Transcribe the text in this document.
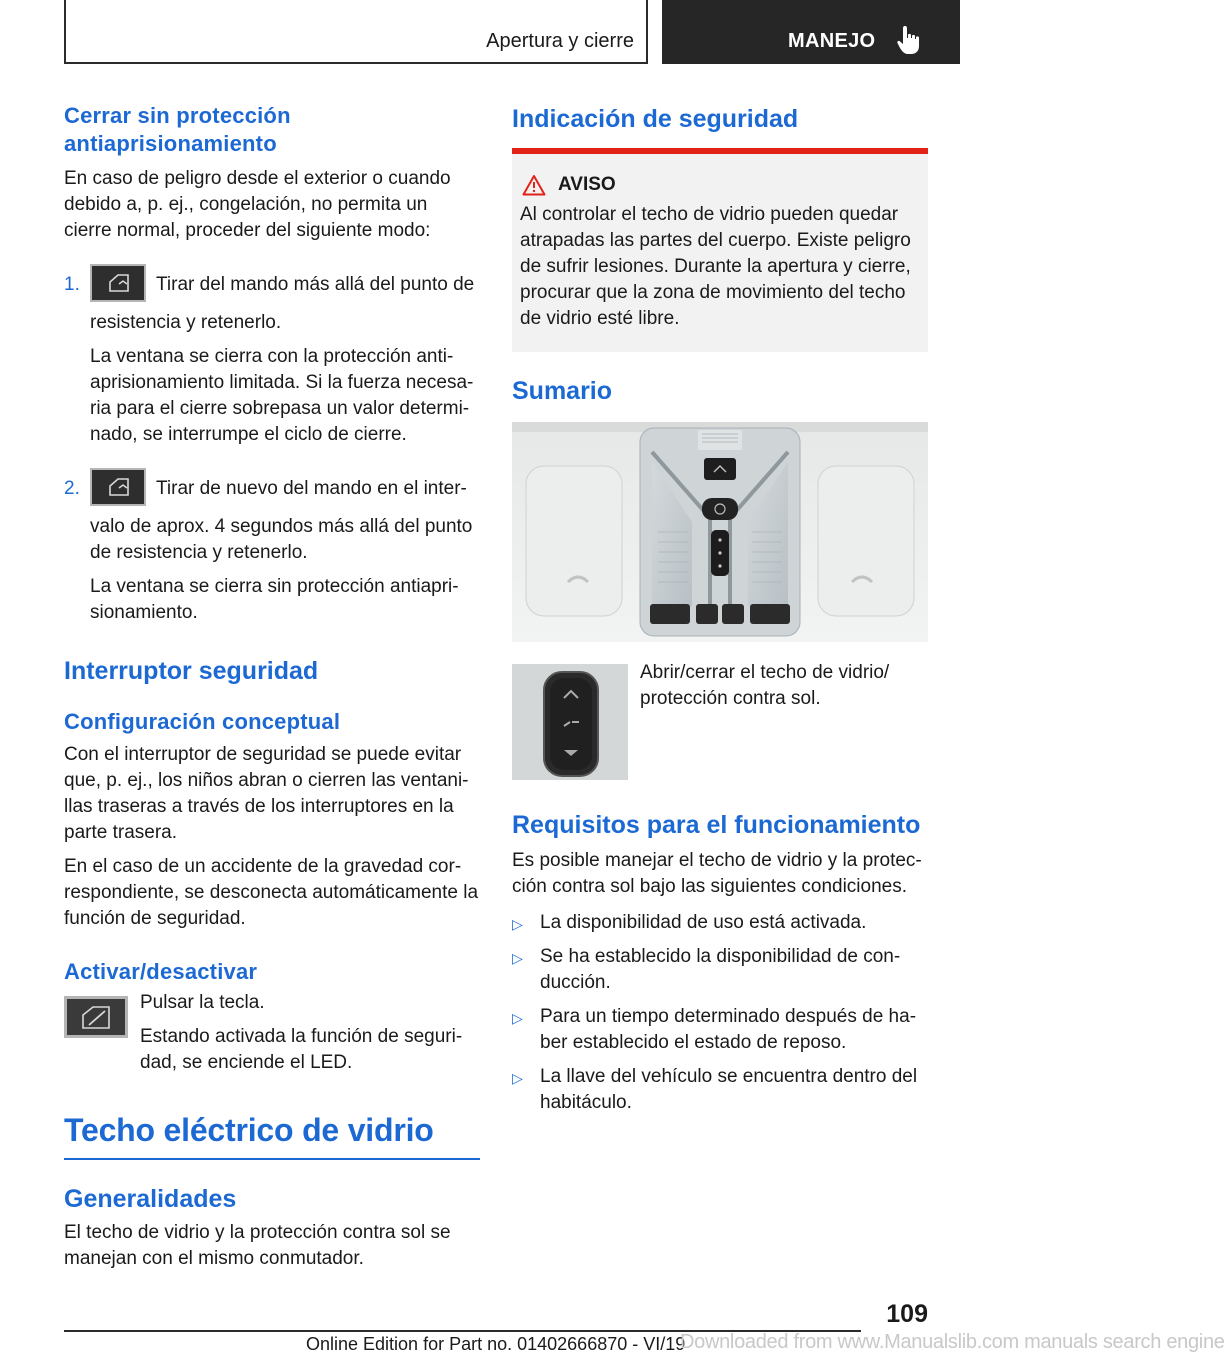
Apertura y cierre	MANEJO
Cerrar sin protección antiaprisionamiento

En caso de peligro desde el exterior o cuando debido a, p. ej., congelación, no permita un cierre normal, proceder del siguiente modo:

1.	Tirar del mando más allá del punto de resistencia y retenerlo.

La ventana se cierra con la protección anti-aprisionamiento limitada. Si la fuerza necesa-ria para el cierre sobrepasa un valor determi-nado, se interrumpe el ciclo de cierre.

2.	Tirar de nuevo del mando en el inter-valo de aprox. 4 segundos más allá del punto de resistencia y retenerlo.

La ventana se cierra sin protección antiapri-sionamiento.

Interruptor seguridad
Configuración conceptual

Con el interruptor de seguridad se puede evitar que, p. ej., los niños abran o cierren las ventani-llas traseras a través de los interruptores en la parte trasera.

En el caso de un accidente de la gravedad cor-respondiente, se desconecta automáticamente la función de seguridad.

Activar/desactivar

Pulsar la tecla.

Estando activada la función de seguri-dad, se enciende el LED.

Techo eléctrico de vidrio
Generalidades

El techo de vidrio y la protección contra sol se manejan con el mismo conmutador.

Indicación de seguridad
AVISO

Al controlar el techo de vidrio pueden quedar atrapadas las partes del cuerpo. Existe peligro de sufrir lesiones. Durante la apertura y cierre, procurar que la zona de movimiento del techo de vidrio esté libre.

Sumario

Abrir/cerrar el techo de vidrio/ protección contra sol.

Requisitos para el funcionamiento

Es posible manejar el techo de vidrio y la protec-ción contra sol bajo las siguientes condiciones.

▷ La disponibilidad de uso está activada.
▷ Se ha establecido la disponibilidad de con-ducción.
▷ Para un tiempo determinado después de ha-ber establecido el estado de reposo.
▷ La llave del vehículo se encuentra dentro del habitáculo.
109
Online Edition for Part no. 01402666870 - VI/19
Downloaded from www.Manualslib.com manuals search engine
